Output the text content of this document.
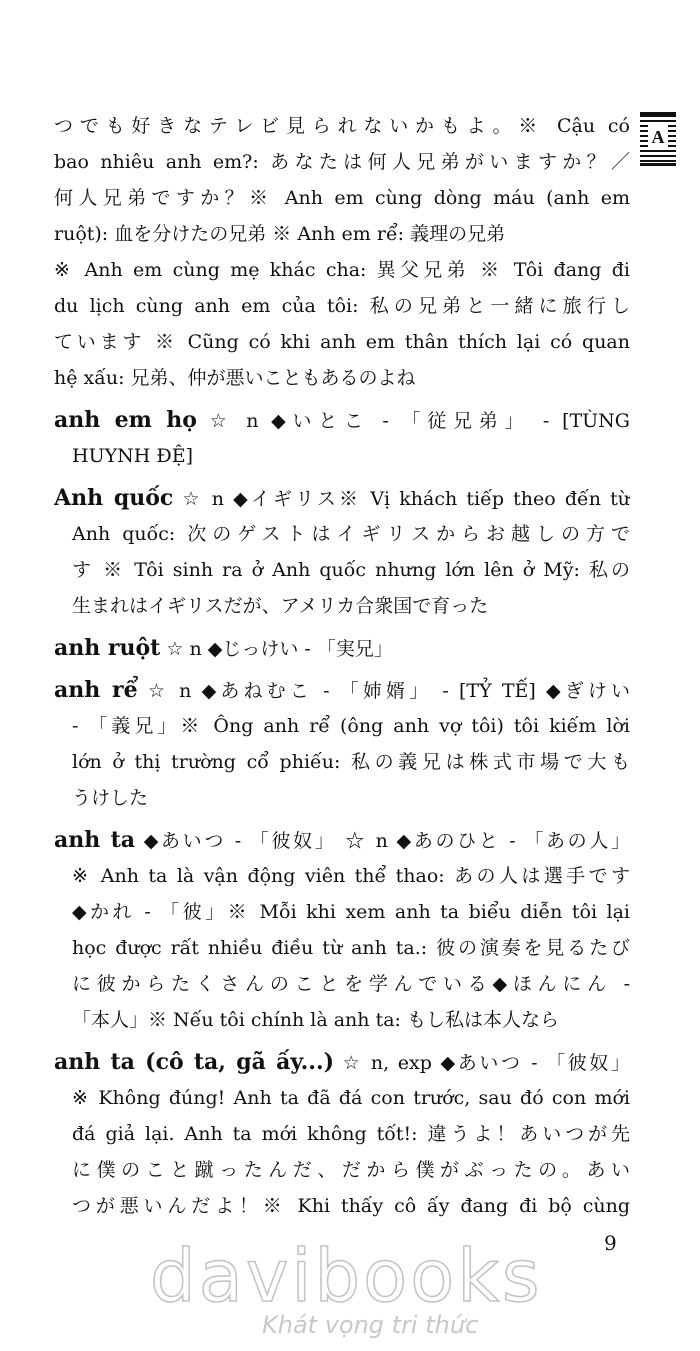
A

つでも好きなテレビ見られないかもよ。※ Cậu có

bao nhiêu anh em?: あなたは何人兄弟がいますか？／

何人兄弟ですか？※ Anh em cùng dòng máu (anh em

ruột): 血を分けたの兄弟 ※ Anh em rể: 義理の兄弟

※ Anh em cùng mẹ khác cha: 異父兄弟 ※ Tôi đang đi

du lịch cùng anh em của tôi: 私の兄弟と一緒に旅行し

ています ※ Cũng có khi anh em thân thích lại có quan

hệ xấu: 兄弟、仲が悪いこともあるのよね

anh em họ ☆ n ◆いとこ - 「従兄弟」 - [TÙNG

HUYNH ĐỆ]

Anh quốc ☆ n ◆イギリス※ Vị khách tiếp theo đến từ

Anh quốc: 次のゲストはイギリスからお越しの方で

す ※ Tôi sinh ra ở Anh quốc nhưng lớn lên ở Mỹ: 私の

生まれはイギリスだが、アメリカ合衆国で育った

anh ruột ☆ n ◆じっけい - 「実兄」

anh rể ☆ n ◆あねむこ - 「姉婿」 - [TỶ TẾ] ◆ぎけい

- 「義兄」※ Ông anh rể (ông anh vợ tôi) tôi kiếm lời

lớn ở thị trường cổ phiếu: 私の義兄は株式市場で大も

うけした

anh ta ◆あいつ - 「彼奴」 ☆ n ◆あのひと - 「あの人」

※ Anh ta là vận động viên thể thao: あの人は選手です

◆かれ - 「彼」※ Mỗi khi xem anh ta biểu diễn tôi lại

học được rất nhiều điều từ anh ta.: 彼の演奏を見るたび

に彼からたくさんのことを学んでいる◆ほんにん -

「本人」※ Nếu tôi chính là anh ta: もし私は本人なら

anh ta (cô ta, gã ấy...) ☆ n, exp ◆あいつ - 「彼奴」

※ Không đúng! Anh ta đã đá con trước, sau đó con mới

đá giả lại. Anh ta mới không tốt!: 違うよ！あいつが先

に僕のこと蹴ったんだ、だから僕がぶったの。あい

つが悪いんだよ！※ Khi thấy cô ấy đang đi bộ cùng

9
davibooks
Khát vọng tri thức
